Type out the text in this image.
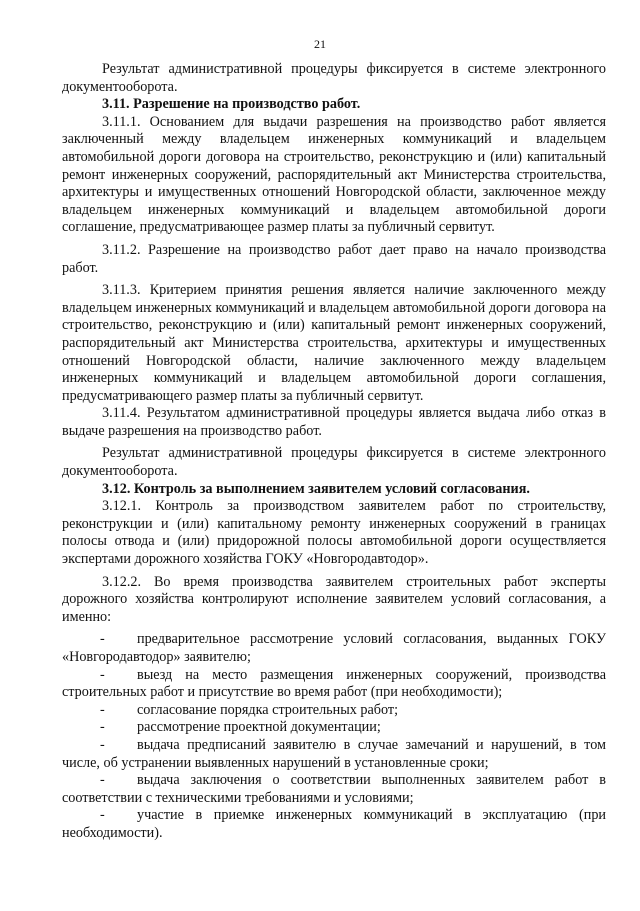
21

Результат административной процедуры фиксируется в системе электронного документооборота.

3.11. Разрешение на производство работ.

3.11.1. Основанием для выдачи разрешения на производство работ является заключенный между владельцем инженерных коммуникаций и владельцем автомобильной дороги договора на строительство, реконструкцию и (или) капитальный ремонт инженерных сооружений, распорядительный акт Министерства строительства, архитектуры и имущественных отношений Новгородской области, заключенное между владельцем инженерных коммуникаций и владельцем автомобильной дороги соглашение, предусматривающее размер платы за публичный сервитут.

3.11.2. Разрешение на производство работ дает право на начало производства работ.

3.11.3. Критерием принятия решения является наличие заключенного между владельцем инженерных коммуникаций и владельцем автомобильной дороги договора на строительство, реконструкцию и (или) капитальный ремонт инженерных сооружений, распорядительный акт Министерства строительства, архитектуры и имущественных отношений Новгородской области, наличие заключенного между владельцем инженерных коммуникаций и владельцем автомобильной дороги соглашения, предусматривающего размер платы за публичный сервитут.

3.11.4. Результатом административной процедуры является выдача либо отказ в выдаче разрешения на производство работ.

Результат административной процедуры фиксируется в системе электронного документооборота.

3.12. Контроль за выполнением заявителем условий согласования.

3.12.1. Контроль за производством заявителем работ по строительству, реконструкции и (или) капитальному ремонту инженерных сооружений в границах полосы отвода и (или) придорожной полосы автомобильной дороги осуществляется экспертами дорожного хозяйства ГОКУ «Новгородавтодор».

3.12.2. Во время производства заявителем строительных работ эксперты дорожного хозяйства контролируют исполнение заявителем условий согласования, а именно:

- предварительное рассмотрение условий согласования, выданных ГОКУ «Новгородавтодор» заявителю;
- выезд на место размещения инженерных сооружений, производства строительных работ и присутствие во время работ (при необходимости);
- согласование порядка строительных работ;
- рассмотрение проектной документации;
- выдача предписаний заявителю в случае замечаний и нарушений, в том числе, об устранении выявленных нарушений в установленные сроки;
- выдача заключения о соответствии выполненных заявителем работ в соответствии с техническими требованиями и условиями;
- участие в приемке инженерных коммуникаций в эксплуатацию (при необходимости).
